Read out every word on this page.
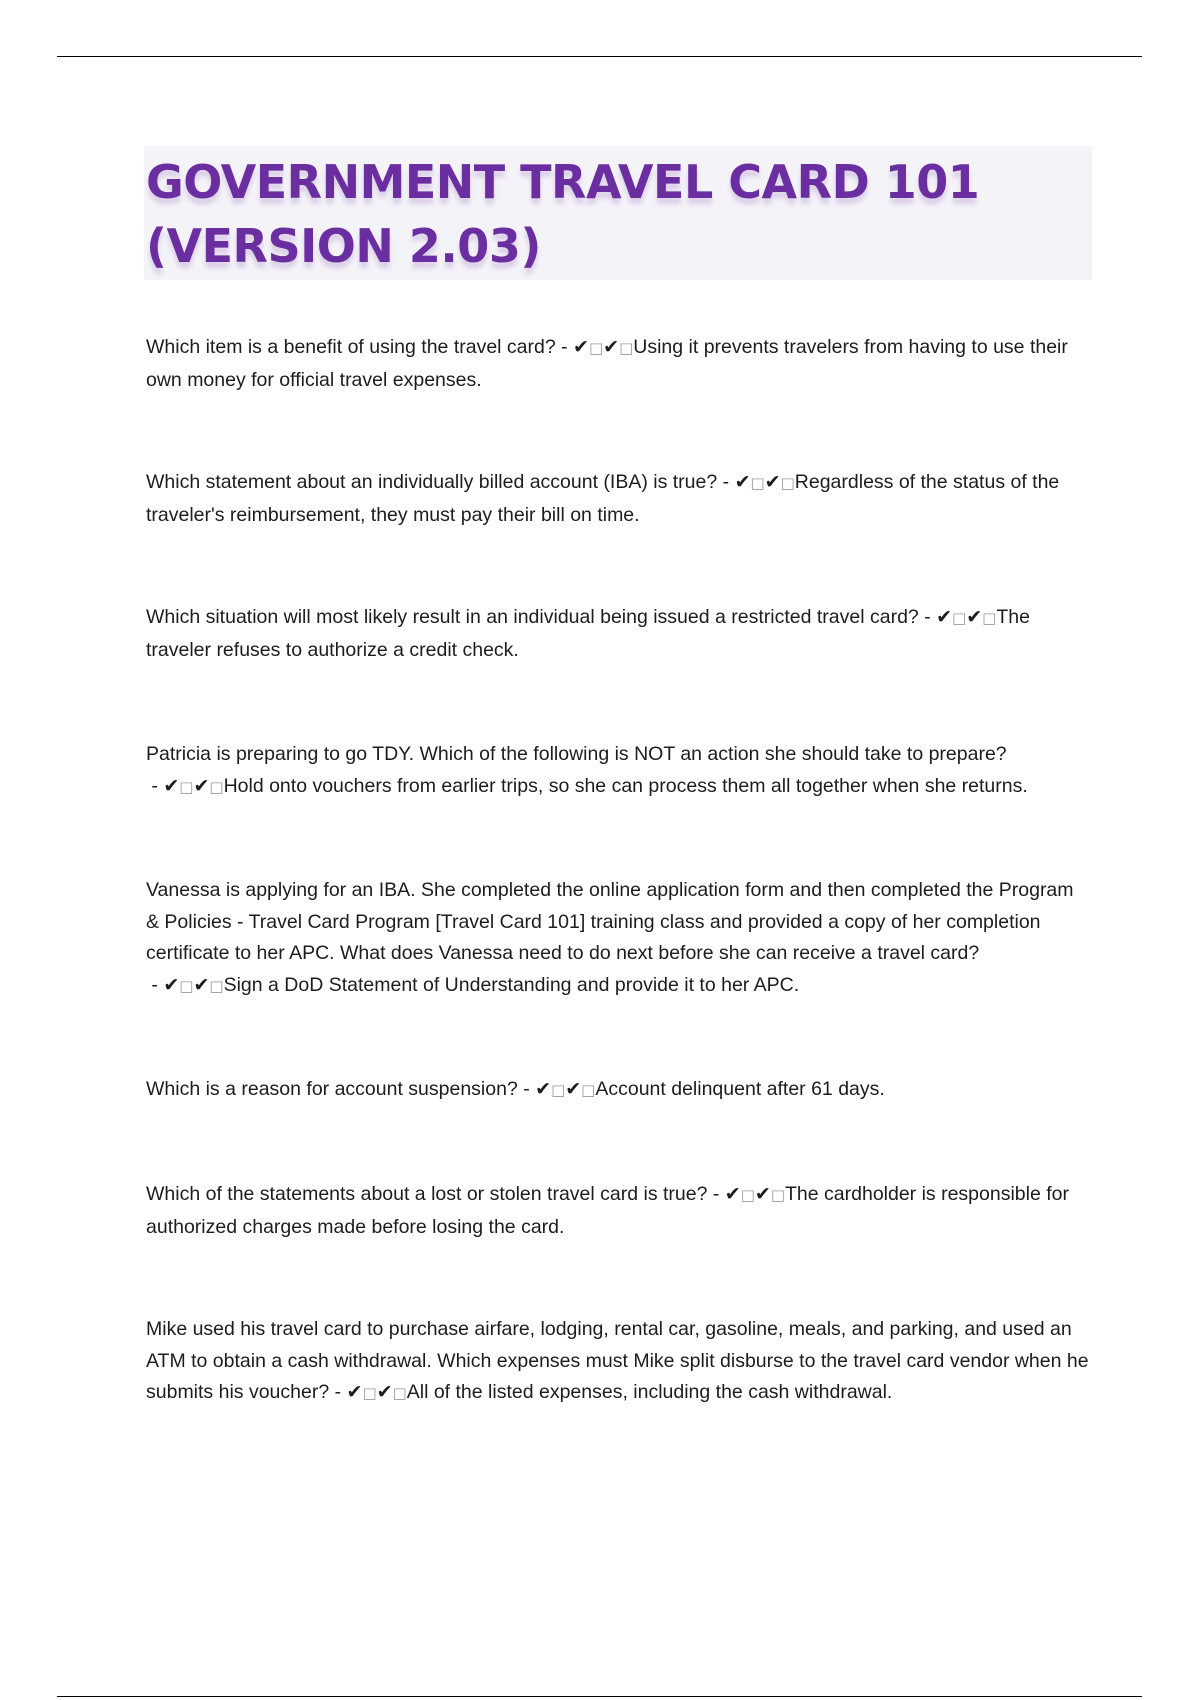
GOVERNMENT TRAVEL CARD 101 (VERSION 2.03)

Which item is a benefit of using the travel card? - ✔□✔□Using it prevents travelers from having to use their own money for official travel expenses.

Which statement about an individually billed account (IBA) is true? - ✔□✔□Regardless of the status of the traveler's reimbursement, they must pay their bill on time.

Which situation will most likely result in an individual being issued a restricted travel card? - ✔□✔□The traveler refuses to authorize a credit check.

Patricia is preparing to go TDY. Which of the following is NOT an action she should take to prepare? - ✔□✔□Hold onto vouchers from earlier trips, so she can process them all together when she returns.

Vanessa is applying for an IBA. She completed the online application form and then completed the Program & Policies - Travel Card Program [Travel Card 101] training class and provided a copy of her completion certificate to her APC. What does Vanessa need to do next before she can receive a travel card? - ✔□✔□Sign a DoD Statement of Understanding and provide it to her APC.

Which is a reason for account suspension? - ✔□✔□Account delinquent after 61 days.

Which of the statements about a lost or stolen travel card is true? - ✔□✔□The cardholder is responsible for authorized charges made before losing the card.

Mike used his travel card to purchase airfare, lodging, rental car, gasoline, meals, and parking, and used an ATM to obtain a cash withdrawal. Which expenses must Mike split disburse to the travel card vendor when he submits his voucher? - ✔□✔□All of the listed expenses, including the cash withdrawal.
